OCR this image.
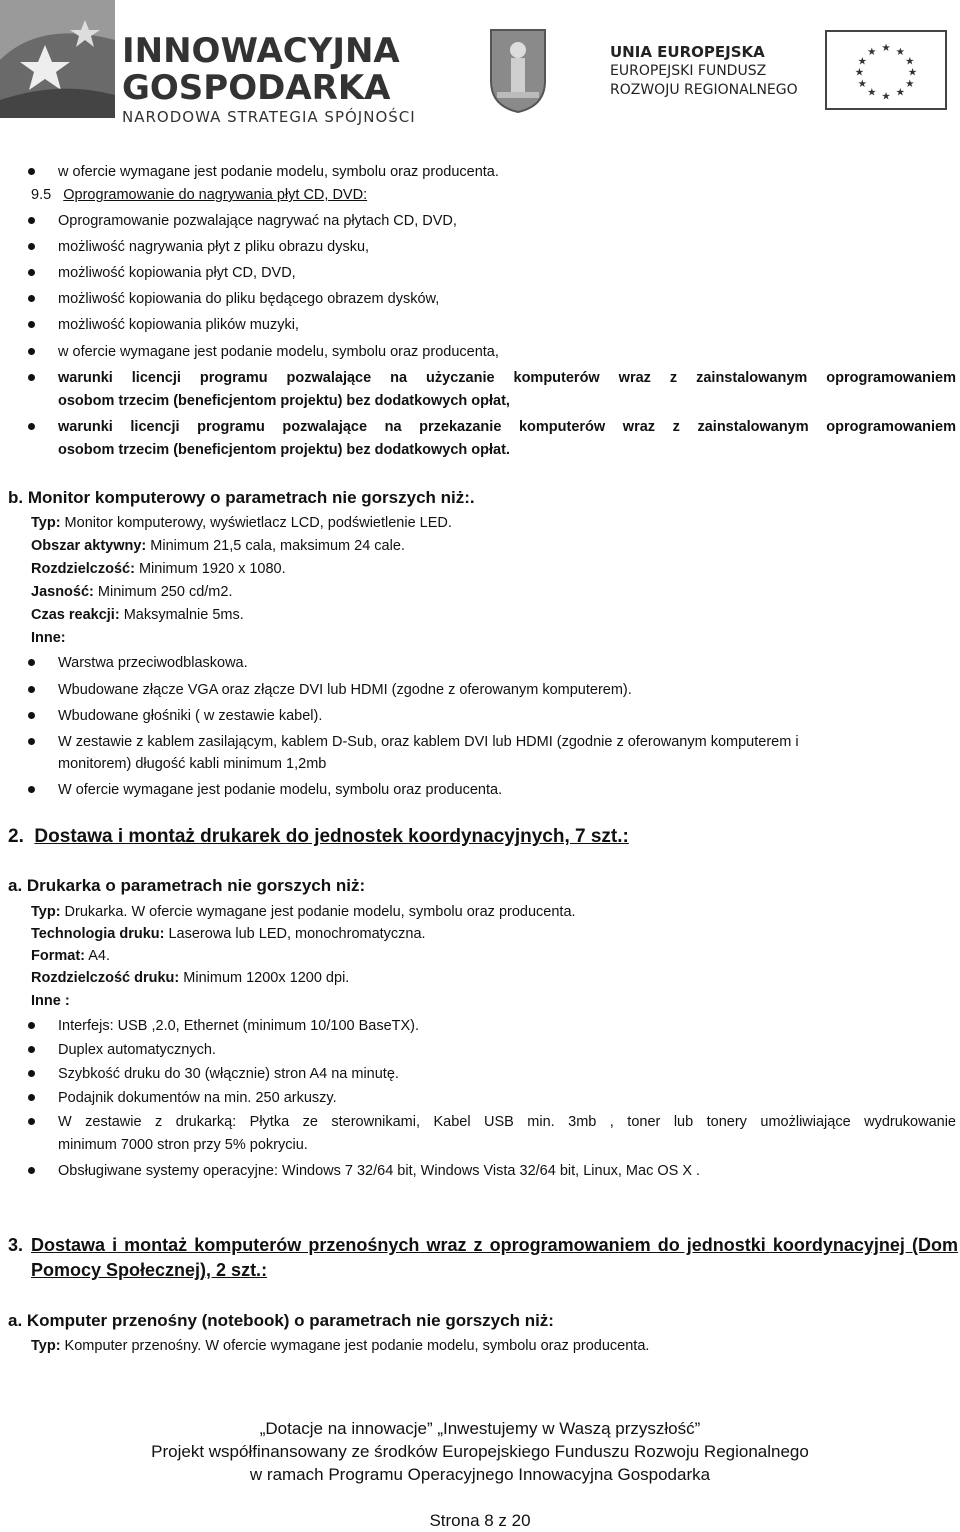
INNOWACYJNA
GOSPODARKA
NARODOWA STRATEGIA SPÓJNOŚCI
UNIA EUROPEJSKA
EUROPEJSKI FUNDUSZ
ROZWOJU REGIONALNEGO
★ ★
★
★
★
★
★
★
★
★
★
★
w ofercie wymagane jest podanie modelu, symbolu oraz producenta.
9.5 Oprogramowanie do nagrywania płyt CD, DVD:
Oprogramowanie pozwalające nagrywać na płytach CD, DVD,
możliwość nagrywania płyt z pliku obrazu dysku,
możliwość kopiowania płyt CD, DVD,
możliwość kopiowania do pliku będącego obrazem dysków,
możliwość kopiowania plików muzyki,
w ofercie wymagane jest podanie modelu, symbolu oraz producenta,
warunki licencji programu pozwalające na użyczanie komputerów wraz z zainstalowanym oprogramowaniem
osobom trzecim (beneficjentom projektu) bez dodatkowych opłat,
warunki licencji programu pozwalające na przekazanie komputerów wraz z zainstalowanym oprogramowaniem
osobom trzecim (beneficjentom projektu) bez dodatkowych opłat.
b. Monitor komputerowy o parametrach nie gorszych niż:.
Typ: Monitor komputerowy, wyświetlacz LCD, podświetlenie LED.
Obszar aktywny: Minimum 21,5 cala, maksimum 24 cale.
Rozdzielczość: Minimum 1920 x 1080.
Jasność: Minimum 250 cd/m2.
Czas reakcji: Maksymalnie 5ms.
Inne:
Warstwa przeciwodblaskowa.
Wbudowane złącze VGA oraz złącze DVI lub HDMI (zgodne z oferowanym komputerem).
Wbudowane głośniki ( w zestawie kabel).
W zestawie z kablem zasilającym, kablem D-Sub, oraz kablem DVI lub HDMI (zgodnie z oferowanym komputerem i
monitorem) długość kabli minimum 1,2mb
W ofercie wymagane jest podanie modelu, symbolu oraz producenta.
2. Dostawa i montaż drukarek do jednostek koordynacyjnych, 7 szt.:
a. Drukarka o parametrach nie gorszych niż:
Typ: Drukarka. W ofercie wymagane jest podanie modelu, symbolu oraz producenta.
Technologia druku: Laserowa lub LED, monochromatyczna.
Format: A4.
Rozdzielczość druku: Minimum 1200x 1200 dpi.
Inne :
Interfejs: USB ,2.0, Ethernet (minimum 10/100 BaseTX).
Duplex automatycznych.
Szybkość druku do 30 (włącznie) stron A4 na minutę.
Podajnik dokumentów na min. 250 arkuszy.
W zestawie z drukarką: Płytka ze sterownikami, Kabel USB min. 3mb , toner lub tonery umożliwiające wydrukowanie
minimum 7000 stron przy 5% pokryciu.
Obsługiwane systemy operacyjne: Windows 7 32/64 bit, Windows Vista 32/64 bit, Linux, Mac OS X .
3. Dostawa i montaż komputerów przenośnych wraz z oprogramowaniem do jednostki koordynacyjnej (Dom
Pomocy Społecznej), 2 szt.:
a. Komputer przenośny (notebook) o parametrach nie gorszych niż:
Typ: Komputer przenośny. W ofercie wymagane jest podanie modelu, symbolu oraz producenta.
„Dotacje na innowacje” „Inwestujemy w Waszą przyszłość”
Projekt współfinansowany ze środków Europejskiego Funduszu Rozwoju Regionalnego
w ramach Programu Operacyjnego Innowacyjna Gospodarka
Strona 8 z 20
